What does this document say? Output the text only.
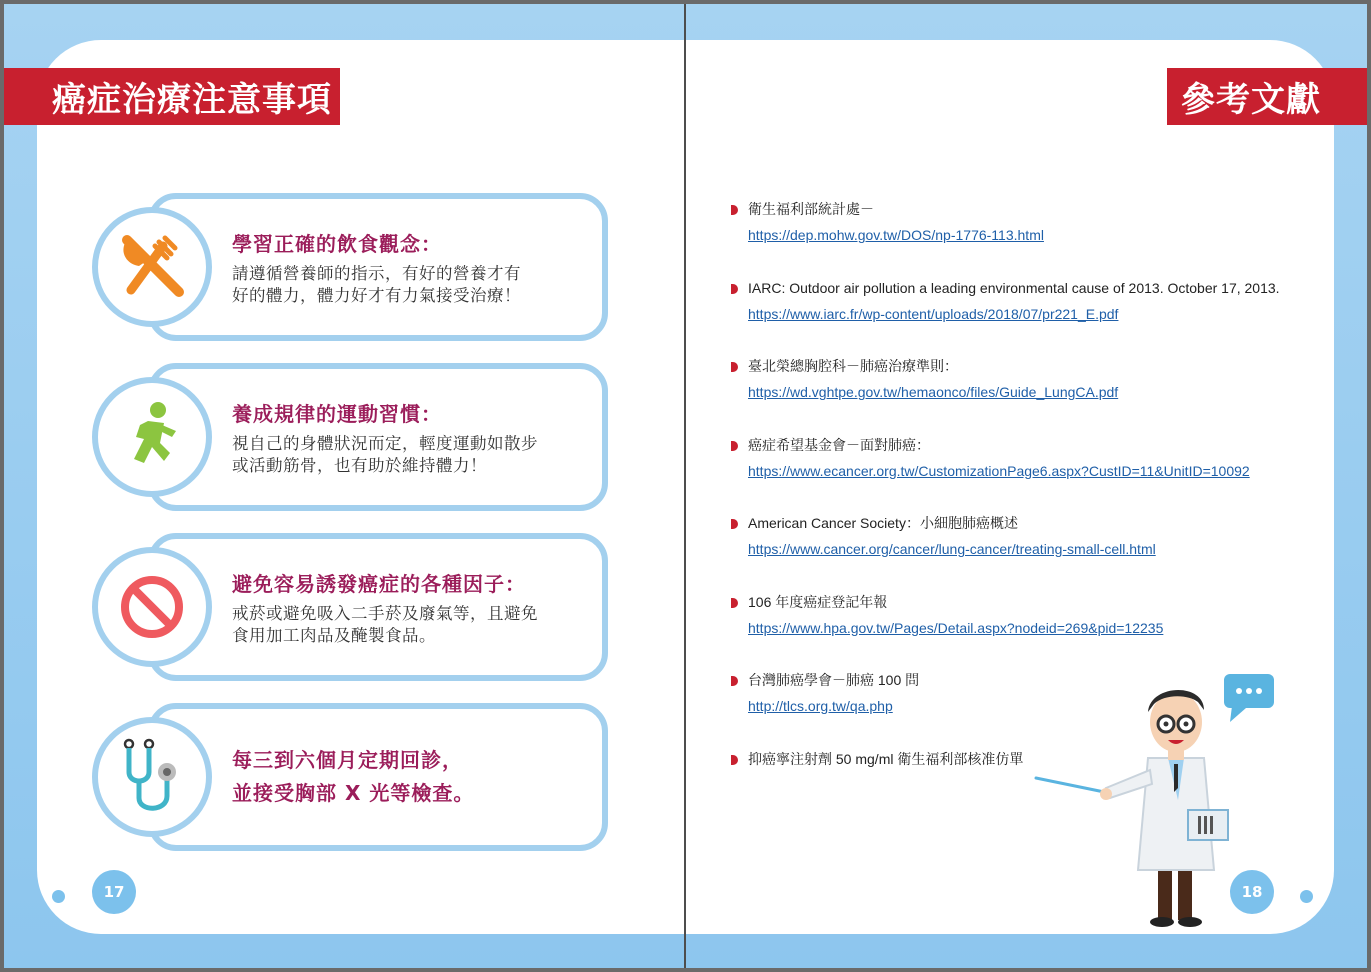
癌症治療注意事項	參考文獻
學習正確的飲食觀念：
請遵循營養師的指示，有好的營養才有
好的體力，體力好才有力氣接受治療！
養成規律的運動習慣：
視自己的身體狀況而定，輕度運動如散步
或活動筋骨，也有助於維持體力！
避免容易誘發癌症的各種因子：
戒菸或避免吸入二手菸及廢氣等，且避免
食用加工肉品及醃製食品。
每三到六個月定期回診，
並接受胸部 X 光等檢查。
17	18
衛生福利部統計處－
https://dep.mohw.gov.tw/DOS/np-1776-113.html
IARC: Outdoor air pollution a leading environmental cause of 2013. October 17, 2013.
https://www.iarc.fr/wp-content/uploads/2018/07/pr221_E.pdf
臺北榮總胸腔科－肺癌治療準則：
https://wd.vghtpe.gov.tw/hemaonco/files/Guide_LungCA.pdf
癌症希望基金會－面對肺癌：
https://www.ecancer.org.tw/CustomizationPage6.aspx?CustID=11&UnitID=10092
American Cancer Society：小細胞肺癌概述
https://www.cancer.org/cancer/lung-cancer/treating-small-cell.html
106 年度癌症登記年報
https://www.hpa.gov.tw/Pages/Detail.aspx?nodeid=269&pid=12235
台灣肺癌學會－肺癌 100 問
http://tlcs.org.tw/qa.php
抑癌寧注射劑 50 mg/ml 衛生福利部核准仿單
